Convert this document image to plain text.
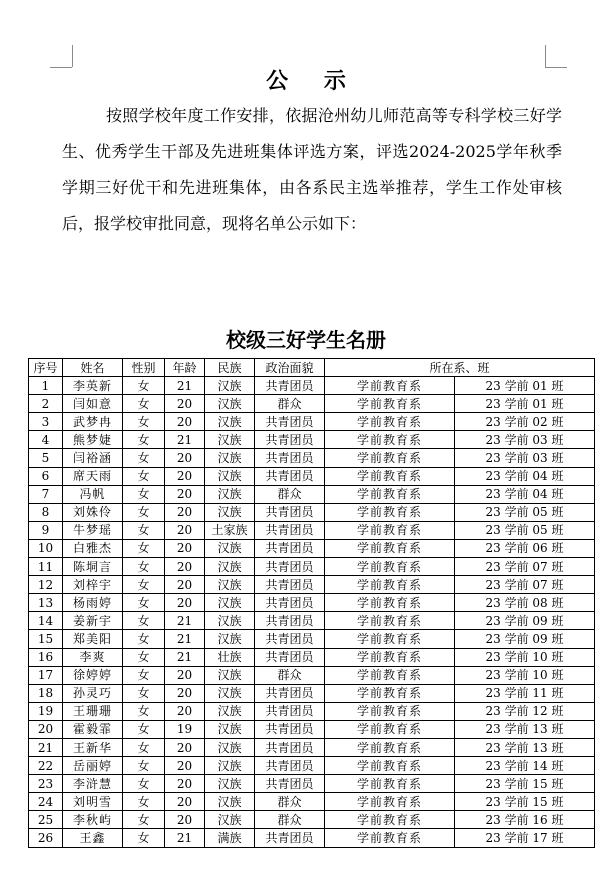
公 示

按照学校年度工作安排，依据沧州幼儿师范高等专科学校三好学生、优秀学生干部及先进班集体评选方案，评选2024-2025学年秋季学期三好优干和先进班集体，由各系民主选举推荐，学生工作处审核后，报学校审批同意，现将名单公示如下：

校级三好学生名册
序号	姓名	性别	年龄	民族	政治面貌	所在系、班	
1	李英新	女	21	汉族	共青团员	学前教育系	23 学前 01 班
2	闫如意	女	20	汉族	群众	学前教育系	23 学前 01 班
3	武梦冉	女	20	汉族	共青团员	学前教育系	23 学前 02 班
4	熊梦婕	女	21	汉族	共青团员	学前教育系	23 学前 03 班
5	闫裕涵	女	20	汉族	共青团员	学前教育系	23 学前 03 班
6	席天雨	女	20	汉族	共青团员	学前教育系	23 学前 04 班
7	冯帆	女	20	汉族	群众	学前教育系	23 学前 04 班
8	刘姝伶	女	20	汉族	共青团员	学前教育系	23 学前 05 班
9	牛梦瑶	女	20	土家族	共青团员	学前教育系	23 学前 05 班
10	白雅杰	女	20	汉族	共青团员	学前教育系	23 学前 06 班
11	陈垌言	女	20	汉族	共青团员	学前教育系	23 学前 07 班
12	刘梓宇	女	20	汉族	共青团员	学前教育系	23 学前 07 班
13	杨雨婷	女	20	汉族	共青团员	学前教育系	23 学前 08 班
14	姜新宇	女	21	汉族	共青团员	学前教育系	23 学前 09 班
15	郑美阳	女	21	汉族	共青团员	学前教育系	23 学前 09 班
16	李爽	女	21	壮族	共青团员	学前教育系	23 学前 10 班
17	徐婷婷	女	20	汉族	群众	学前教育系	23 学前 10 班
18	孙灵巧	女	20	汉族	共青团员	学前教育系	23 学前 11 班
19	王珊珊	女	20	汉族	共青团员	学前教育系	23 学前 12 班
20	霍毅霏	女	19	汉族	共青团员	学前教育系	23 学前 13 班
21	王新华	女	20	汉族	共青团员	学前教育系	23 学前 13 班
22	岳丽婷	女	20	汉族	共青团员	学前教育系	23 学前 14 班
23	李浒慧	女	20	汉族	共青团员	学前教育系	23 学前 15 班
24	刘明雪	女	20	汉族	群众	学前教育系	23 学前 15 班
25	李秋屿	女	20	汉族	群众	学前教育系	23 学前 16 班
26	王鑫	女	21	满族	共青团员	学前教育系	23 学前 17 班
